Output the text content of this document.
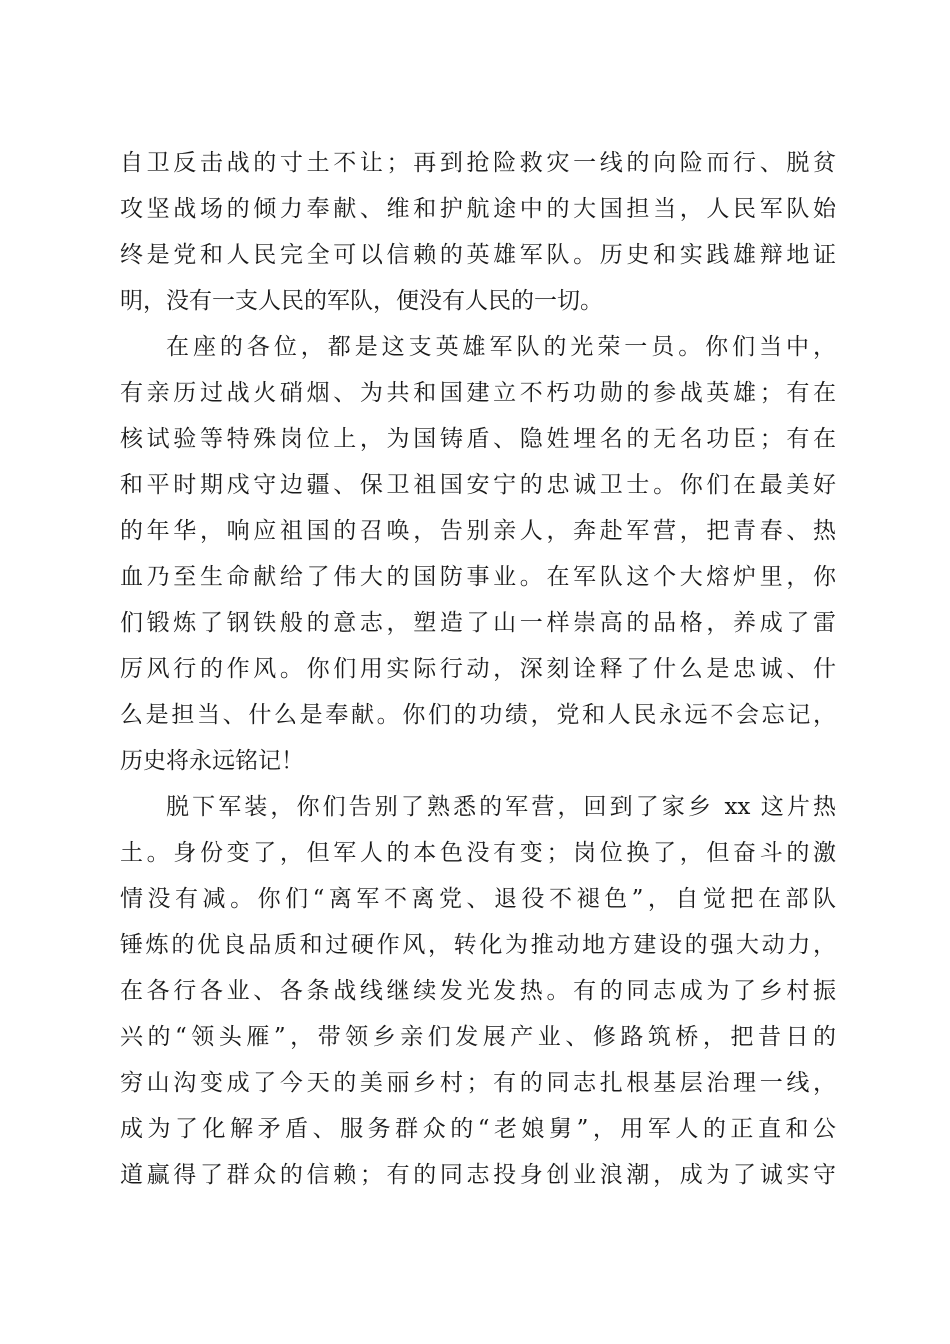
自卫反击战的寸土不让；再到抢险救灾一线的向险而行、脱贫
攻坚战场的倾力奉献、维和护航途中的大国担当，人民军队始
终是党和人民完全可以信赖的英雄军队。历史和实践雄辩地证
明，没有一支人民的军队，便没有人民的一切。
在座的各位，都是这支英雄军队的光荣一员。你们当中，
有亲历过战火硝烟、为共和国建立不朽功勋的参战英雄；有在
核试验等特殊岗位上，为国铸盾、隐姓埋名的无名功臣；有在
和平时期戍守边疆、保卫祖国安宁的忠诚卫士。你们在最美好
的年华，响应祖国的召唤，告别亲人，奔赴军营，把青春、热
血乃至生命献给了伟大的国防事业。在军队这个大熔炉里，你
们锻炼了钢铁般的意志，塑造了山一样崇高的品格，养成了雷
厉风行的作风。你们用实际行动，深刻诠释了什么是忠诚、什
么是担当、什么是奉献。你们的功绩，党和人民永远不会忘记，
历史将永远铭记！
脱下军装，你们告别了熟悉的军营，回到了家乡 xx 这片热
土。身份变了，但军人的本色没有变；岗位换了，但奋斗的激
情没有减。你们“离军不离党、退役不褪色”，自觉把在部队
锤炼的优良品质和过硬作风，转化为推动地方建设的强大动力，
在各行各业、各条战线继续发光发热。有的同志成为了乡村振
兴的“领头雁”，带领乡亲们发展产业、修路筑桥，把昔日的
穷山沟变成了今天的美丽乡村；有的同志扎根基层治理一线，
成为了化解矛盾、服务群众的“老娘舅”，用军人的正直和公
道赢得了群众的信赖；有的同志投身创业浪潮，成为了诚实守
